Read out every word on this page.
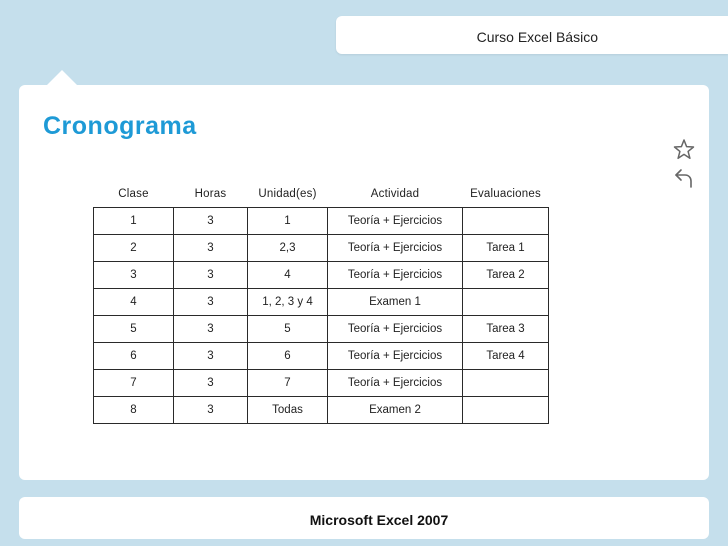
Curso Excel Básico
Cronograma
Clase	Horas	Unidad(es)	Actividad	Evaluaciones
1	3	1	Teoría + Ejercicios	
2	3	2,3	Teoría + Ejercicios	Tarea 1
3	3	4	Teoría + Ejercicios	Tarea 2
4	3	1, 2, 3 y 4	Examen 1	
5	3	5	Teoría + Ejercicios	Tarea 3
6	3	6	Teoría + Ejercicios	Tarea 4
7	3	7	Teoría + Ejercicios	
8	3	Todas	Examen 2	
Microsoft Excel 2007
